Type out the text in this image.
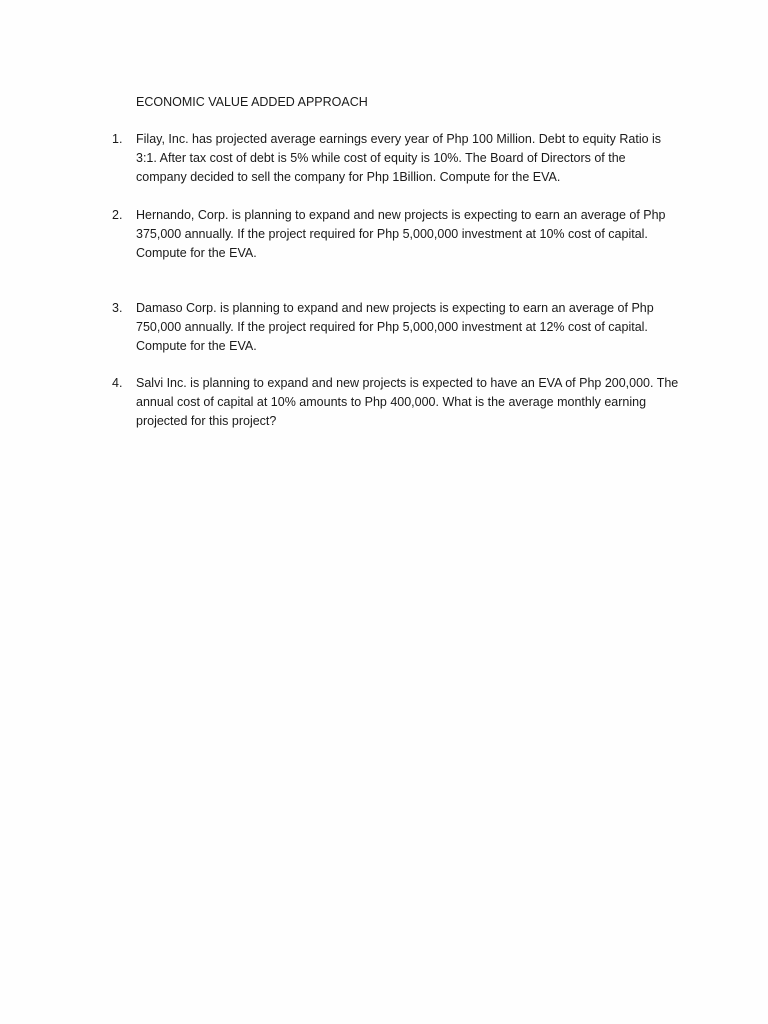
ECONOMIC VALUE ADDED APPROACH
1. Filay, Inc. has projected average earnings every year of Php 100 Million. Debt to equity Ratio is
3:1. After tax cost of debt is 5% while cost of equity is 10%. The Board of Directors of the
company decided to sell the company for Php 1Billion. Compute for the EVA.
2. Hernando, Corp. is planning to expand and new projects is expecting to earn an average of Php
375,000 annually. If the project required for Php 5,000,000 investment at 10% cost of capital.
Compute for the EVA.
3. Damaso Corp. is planning to expand and new projects is expecting to earn an average of Php
750,000 annually. If the project required for Php 5,000,000 investment at 12% cost of capital.
Compute for the EVA.
4. Salvi Inc. is planning to expand and new projects is expected to have an EVA of Php 200,000. The
annual cost of capital at 10% amounts to Php 400,000. What is the average monthly earning
projected for this project?
